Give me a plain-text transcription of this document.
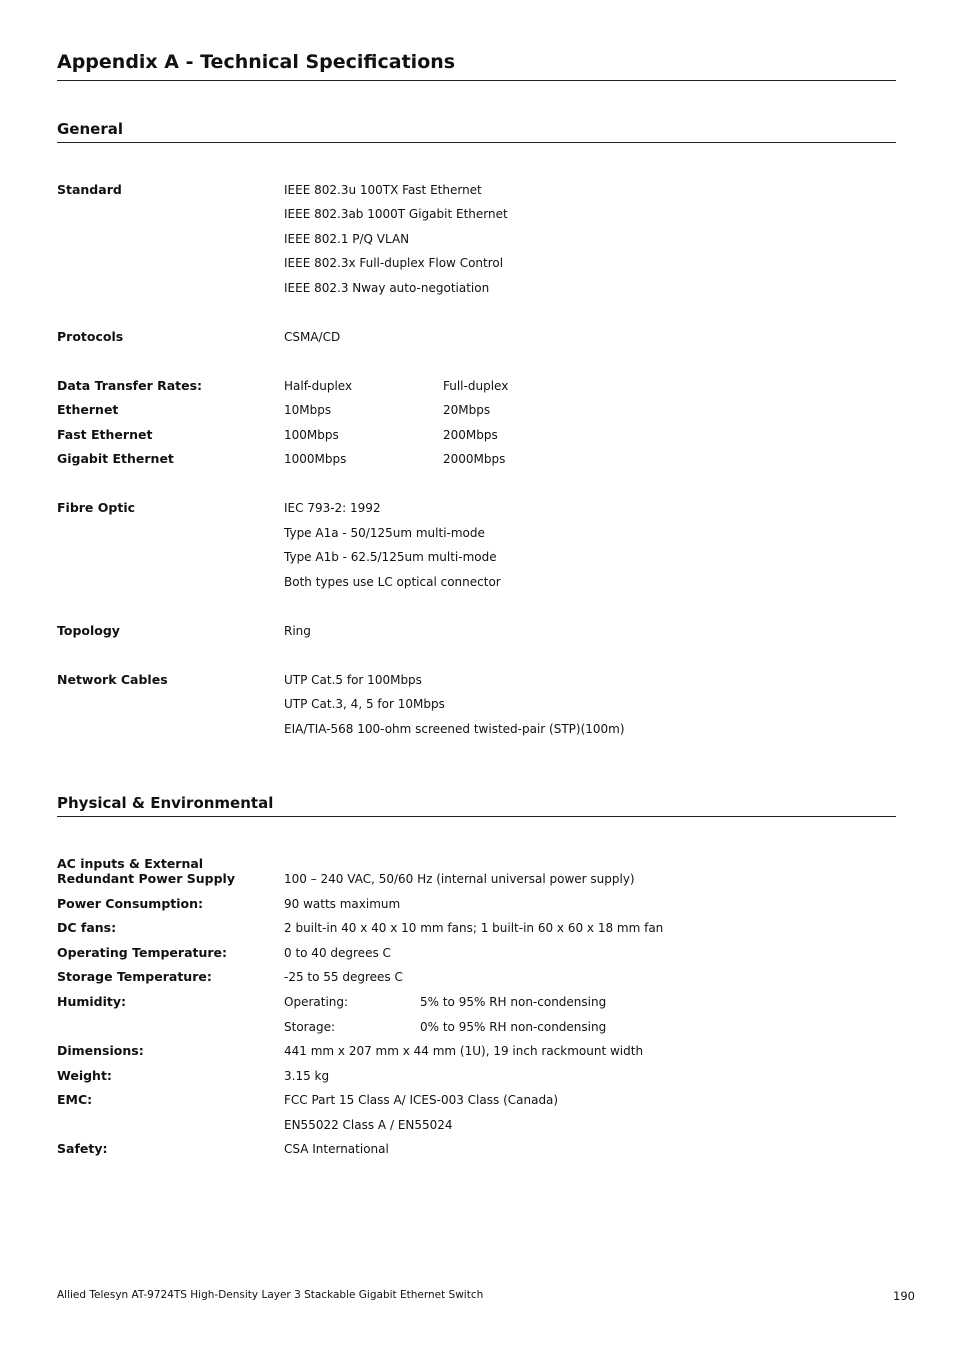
Appendix A - Technical Specifications
General
Standard	IEEE 802.3u 100TX Fast Ethernet
IEEE 802.3ab 1000T Gigabit Ethernet
IEEE 802.1 P/Q VLAN
IEEE 802.3x Full-duplex Flow Control
IEEE 802.3 Nway auto-negotiation
Protocols	CSMA/CD
Data Transfer Rates:	Half-duplex	Full-duplex
Ethernet	10Mbps	20Mbps
Fast Ethernet	100Mbps	200Mbps
Gigabit Ethernet	1000Mbps	2000Mbps
Fibre Optic	IEC 793-2: 1992
Type A1a - 50/125um multi-mode
Type A1b - 62.5/125um multi-mode
Both types use LC optical connector
Topology	Ring
Network Cables	UTP Cat.5 for 100Mbps
UTP Cat.3, 4, 5 for 10Mbps
EIA/TIA-568 100-ohm screened twisted-pair (STP)(100m)
Physical & Environmental
AC inputs & External
Redundant Power Supply	100 – 240 VAC, 50/60 Hz (internal universal power supply)
Power Consumption:	90 watts maximum
DC fans:	2 built-in 40 x 40 x 10 mm fans; 1 built-in 60 x 60 x 18 mm fan
Operating Temperature:	0 to 40 degrees C
Storage Temperature:	-25 to 55 degrees C
Humidity:	Operating:	5% to 95% RH non-condensing
Storage:	0% to 95% RH non-condensing
Dimensions:	441 mm x 207 mm x 44 mm (1U), 19 inch rackmount width
Weight:	3.15 kg
EMC:	FCC Part 15 Class A/ ICES-003 Class (Canada)
EN55022 Class A / EN55024
Safety:	CSA International
Allied Telesyn AT-9724TS High-Density Layer 3 Stackable Gigabit Ethernet Switch	190
